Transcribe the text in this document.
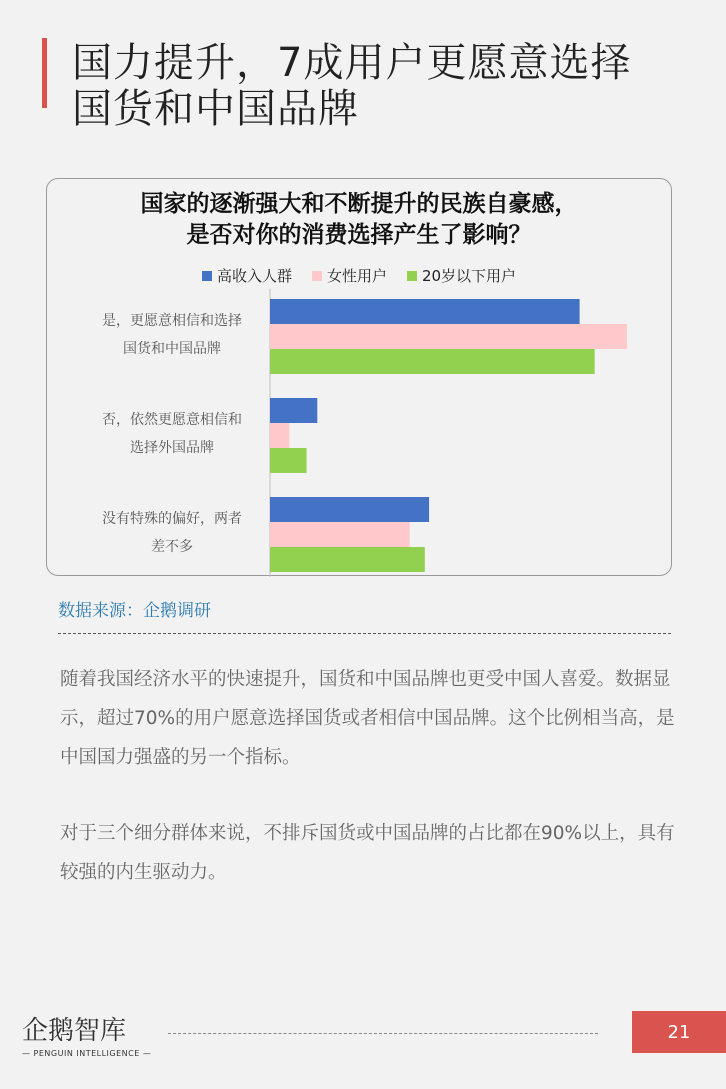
国力提升，7成用户更愿意选择
国货和中国品牌
国家的逐渐强大和不断提升的民族自豪感，
是否对你的消费选择产生了影响？
高收入人群 女性用户 20岁以下用户
是，更愿意相信和选择
国货和中国品牌
否，依然更愿意相信和
选择外国品牌
没有特殊的偏好，两者
差不多
数据来源：企鹅调研
随着我国经济水平的快速提升，国货和中国品牌也更受中国人喜爱。数据显示，超过70%的用户愿意选择国货或者相信中国品牌。这个比例相当高，是中国国力强盛的另一个指标。
对于三个细分群体来说，不排斥国货或中国品牌的占比都在90%以上，具有较强的内生驱动力。
企鹅智库
— PENGUIN INTELLIGENCE —
21
